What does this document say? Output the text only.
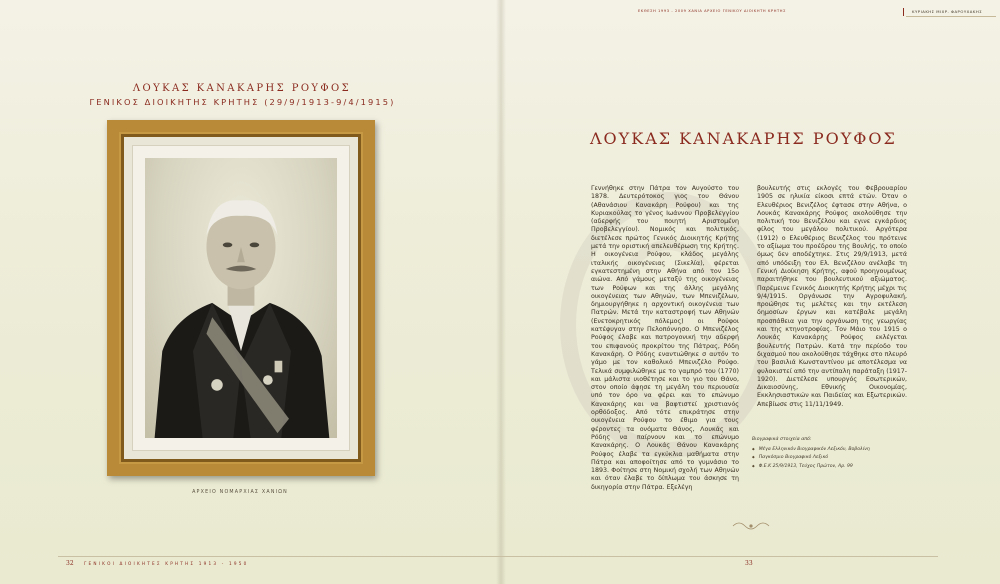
ΕΚΘΕΣΗ 1993 - 2009 ΧΑΝΙΑ ΑΡΧΕΙΟ ΓΕΝΙΚΟΥ ΔΙΟΙΚΗΤΗ ΚΡΗΤΗΣ	ΚΥΡΙΑΚΗΣ ΜΙΧΡ. ΦΑΡΟΥΧΑΚΗΣ
ΛΟΥΚΑΣ ΚΑΝΑΚΑΡΗΣ ΡΟΥΦΟΣ
ΓΕΝΙΚΟΣ ΔΙΟΙΚΗΤΗΣ ΚΡΗΤΗΣ (29/9/1913-9/4/1915)
ΑΡΧΕΙΟ ΝΟΜΑΡΧΙΑΣ ΧΑΝΙΩΝ
ΛΟΥΚΑΣ ΚΑΝΑΚΑΡΗΣ ΡΟΥΦΟΣ
Γεννήθηκε στην Πάτρα τον Αυγούστο του 1878. Δευτερότοκος γιος του Θάνου (Αθανάσιου Κανακάρη Ρούφου) και της Κυριακούλας το γένος Ιωάννου Προβελεγγίου (αδερφής του ποιητή Αριστομένη Προβελεγγίου). Νομικός και πολιτικός, διετέλεσε πρώτος Γενικός Διοικητής Κρήτης μετά την οριστική απελευθέρωση της Κρήτης. Η οικογένεια Ρούφου, κλάδος μεγάλης ιταλικής οικογένειας (Σικελία), φέρεται εγκατεστημένη στην Αθήνα από τον 15ο αιώνα. Από γάμους μεταξύ της οικογένειας των Ρούφων και της άλλης μεγάλης οικογένειας των Αθηνών, των Μπενιζέλων, δημιουργήθηκε η αρχοντική οικογένεια των Πατρών. Μετά την καταστροφή των Αθηνών (Ενετοκρητικός πόλεμος) οι Ρούφοι κατέφυγαν στην Πελοπόννησο. Ο Μπενιζέλος Ρούφος έλαβε και πατρογονική την αδερφή του επιφανούς προκρίτου της Πάτρας, Ρόδη Κανακάρη. Ο Ρόδης εναντιώθηκε σ αυτόν το γάμο με τον καθολικό Μπενιζέλο Ρούφο. Τελικά συμφιλώθηκε με το γαμπρό του (1770) και μάλιστα υιοθέτησε και το γιο του Θάνο, στον οποίο άφησε τη μεγάλη του περιουσία υπό τον όρο να φέρει και το επώνυμο Κανακάρης και να βαφτιστεί χριστιανός ορθόδοξος. Από τότε επικράτησε στην οικογένεια Ρούφου το έθιμο για τους φέροντες τα ονόματα Θάνος, Λουκάς και Ρόδης να παίρνουν και το επώνυμο Κανακάρης. Ο Λουκάς Θάνου Κανακάρης Ρούφος έλαβε τα εγκύκλια μαθήματα στην Πάτρα και αποφοίτησε από το γυμνάσιο το 1893. Φοίτησε στη Νομική σχολή των Αθηνών και όταν έλαβε το δίπλωμα του άσκησε τη δικηγορία στην Πάτρα. Εξελέγη
βουλευτής στις εκλογές του Φεβρουαρίου 1905 σε ηλικία είκοσι επτά ετών. Όταν ο Ελευθέριος Βενιζέλος έφτασε στην Αθήνα, ο Λουκάς Κανακάρης Ρούφος ακολούθησε την πολιτική του Βενιζέλου και εγινε εγκάρδιος φίλος του μεγάλου πολιτικού. Αργότερα (1912) ο Ελευθέριος Βενιζέλος του πρότεινε το αξίωμα του προέδρου της Βουλής, το οποίο όμως δεν αποδέχτηκε. Στις 29/9/1913, μετά από υπόδειξη του Ελ. Βενιζέλου ανέλαβε τη Γενική Διοίκηση Κρήτης, αφού προηγουμένως παραιτήθηκε του βουλευτικού αξιώματος. Παρέμεινε Γενικός Διοικητής Κρήτης μέχρι τις 9/4/1915. Οργάνωσε την Αγροφυλακή, προώθησε τις μελέτες και την εκτέλεση δημοσίων έργων και κατέβαλε μεγάλη προσπάθεια για την οργάνωση της γεωργίας και της κτηνοτροφίας. Τον Μάιο του 1915 ο Λουκάς Κανακάρης Ρούφος εκλέγεται βουλευτής Πατρών. Κατά την περίοδο του διχασμού που ακολούθησε τάχθηκε στο πλευρό του βασιλιά Κωνσταντίνου με αποτέλεσμα να φυλακιστεί από την αντίπαλη παράταξη (1917-1920). Διετέλεσε υπουργός Εσωτερικών, Δικαιοσύνης, Εθνικής Οικονομίας, Εκκλησιαστικών και Παιδείας και Εξωτερικών. Απεβίωσε στις 11/11/1949.
Βιογραφικά στοιχεία από:
◆ Μέγα Ελληνικόν Βιογραφικόν Λεξικόν, Βοβολίνη
◆ Παγκόσμιο Βιογραφικό Λεξικό
◆ Φ.Ε.Κ 25/9/1913, Τεύχος Πρώτον, Αρ. 99
32 ΓΕΝΙΚΟΙ ΔΙΟΙΚΗΤΕΣ ΚΡΗΤΗΣ 1913 - 1950	33
